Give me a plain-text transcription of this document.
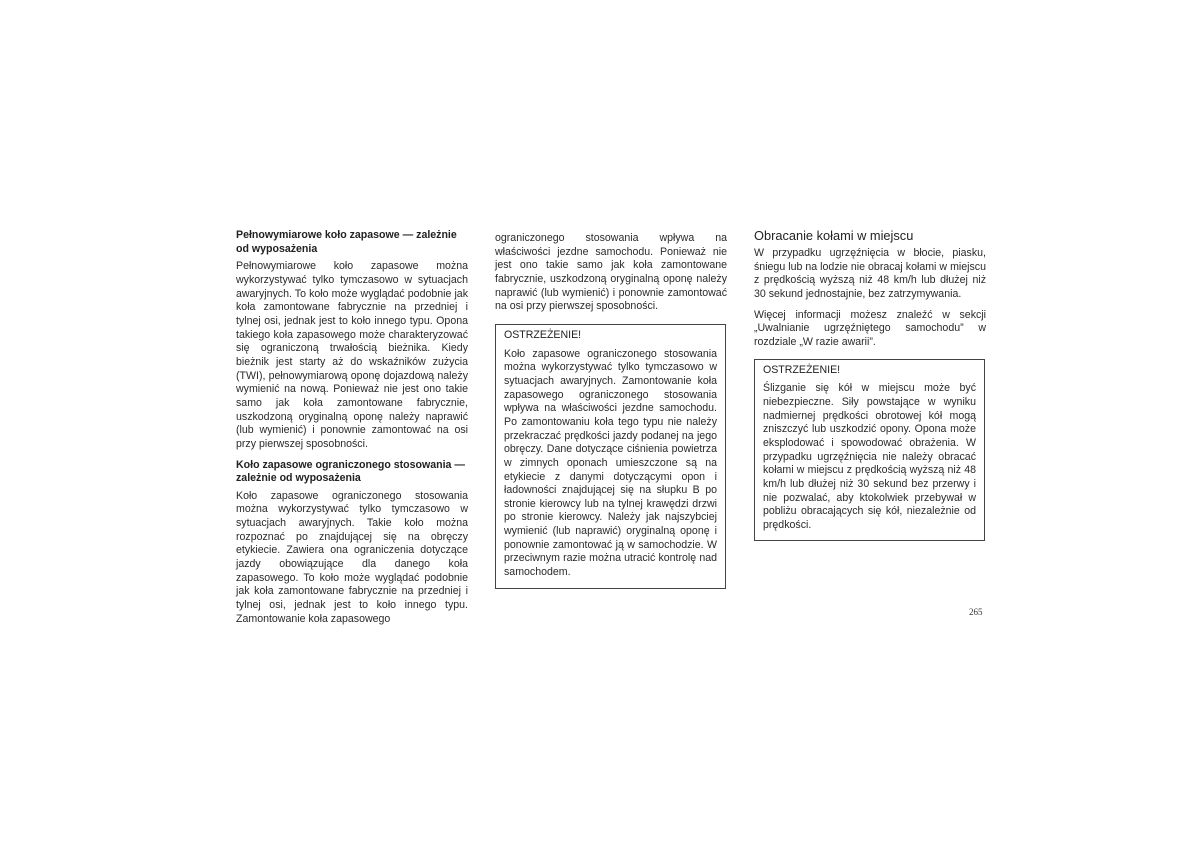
Pełnowymiarowe koło zapasowe — zależnie od wyposażenia

Pełnowymiarowe koło zapasowe można wykorzystywać tylko tymczasowo w sytuacjach awaryjnych. To koło może wyglądać podobnie jak koła zamontowane fabrycznie na przedniej i tylnej osi, jednak jest to koło innego typu. Opona takiego koła zapasowego może charakteryzować się ograniczoną trwałością bieżnika. Kiedy bieżnik jest starty aż do wskaźników zużycia (TWI), pełnowymiarową oponę dojazdową należy wymienić na nową. Ponieważ nie jest ono takie samo jak koła zamontowane fabrycznie, uszkodzoną oryginalną oponę należy naprawić (lub wymienić) i ponownie zamontować na osi przy pierwszej sposobności.

Koło zapasowe ograniczonego stosowania — zależnie od wyposażenia

Koło zapasowe ograniczonego stosowania można wykorzystywać tylko tymczasowo w sytuacjach awaryjnych. Takie koło można rozpoznać po znajdującej się na obręczy etykiecie. Zawiera ona ograniczenia dotyczące jazdy obowiązujące dla danego koła zapasowego. To koło może wyglądać podobnie jak koła zamontowane fabrycznie na przedniej i tylnej osi, jednak jest to koło innego typu. Zamontowanie koła zapasowego

ograniczonego stosowania wpływa na właściwości jezdne samochodu. Ponieważ nie jest ono takie samo jak koła zamontowane fabrycznie, uszkodzoną oryginalną oponę należy naprawić (lub wymienić) i ponownie zamontować na osi przy pierwszej sposobności.

OSTRZEŻENIE!

Koło zapasowe ograniczonego stosowania można wykorzystywać tylko tymczasowo w sytuacjach awaryjnych. Zamontowanie koła zapasowego ograniczonego stosowania wpływa na właściwości jezdne samochodu. Po zamontowaniu koła tego typu nie należy przekraczać prędkości jazdy podanej na jego obręczy. Dane dotyczące ciśnienia powietrza w zimnych oponach umieszczone są na etykiecie z danymi dotyczącymi opon i ładowności znajdującej się na słupku B po stronie kierowcy lub na tylnej krawędzi drzwi po stronie kierowcy. Należy jak najszybciej wymienić (lub naprawić) oryginalną oponę i ponownie zamontować ją w samochodzie. W przeciwnym razie można utracić kontrolę nad samochodem.

Obracanie kołami w miejscu

W przypadku ugrzęźnięcia w błocie, piasku, śniegu lub na lodzie nie obracaj kołami w miejscu z prędkością wyższą niż 48 km/h lub dłużej niż 30 sekund jednostajnie, bez zatrzymywania.

Więcej informacji możesz znaleźć w sekcji „Uwalnianie ugrzęźniętego samochodu” w rozdziale „W razie awarii”.

OSTRZEŻENIE!

Ślizganie się kół w miejscu może być niebezpieczne. Siły powstające w wyniku nadmiernej prędkości obrotowej kół mogą zniszczyć lub uszkodzić opony. Opona może eksplodować i spowodować obrażenia. W przypadku ugrzęźnięcia nie należy obracać kołami w miejscu z prędkością wyższą niż 48 km/h lub dłużej niż 30 sekund bez przerwy i nie pozwalać, aby ktokolwiek przebywał w pobliżu obracających się kół, niezależnie od prędkości.

265
